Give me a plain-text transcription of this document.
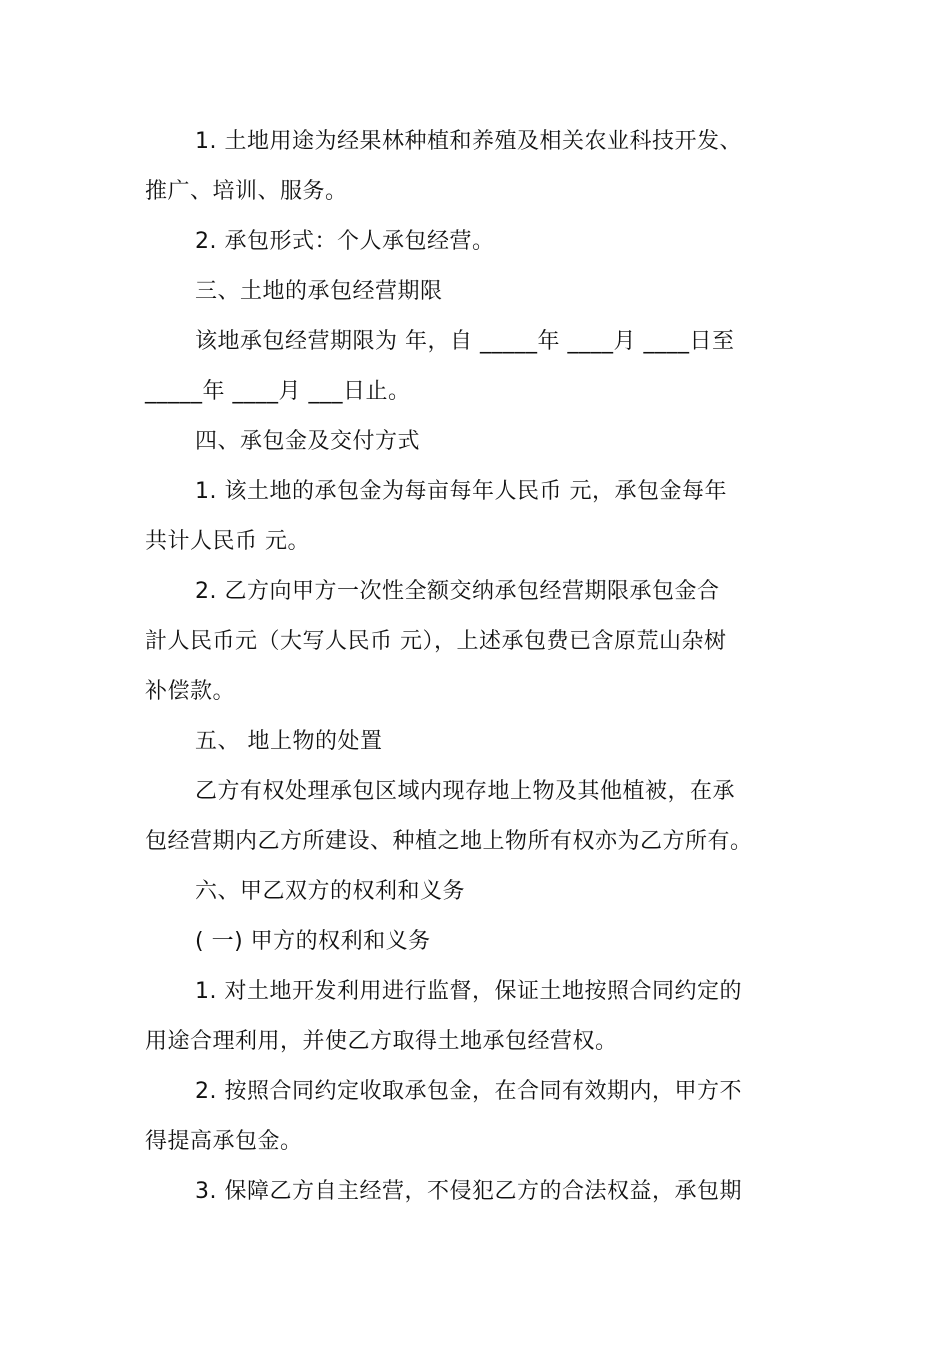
1. 土地用途为经果林种植和养殖及相关农业科技开发、
推广、培训、服务。
2. 承包形式：个人承包经营。
三、土地的承包经营期限
该地承包经营期限为 年，自 _____年 ____月 ____日至
_____年 ____月 ___日止。
四、承包金及交付方式
1. 该土地的承包金为每亩每年人民币 元，承包金每年
共计人民币 元。
2. 乙方向甲方一次性全额交纳承包经营期限承包金合
計人民币元（大写人民币 元），上述承包费已含原荒山杂树
补偿款。
五、 地上物的处置
乙方有权处理承包区域内现存地上物及其他植被，在承
包经营期内乙方所建设、种植之地上物所有权亦为乙方所有。
六、甲乙双方的权利和义务
( 一) 甲方的权利和义务
1. 对土地开发利用进行监督，保证土地按照合同约定的
用途合理利用，并使乙方取得土地承包经营权。
2. 按照合同约定收取承包金，在合同有效期内，甲方不
得提高承包金。
3. 保障乙方自主经营，不侵犯乙方的合法权益，承包期
